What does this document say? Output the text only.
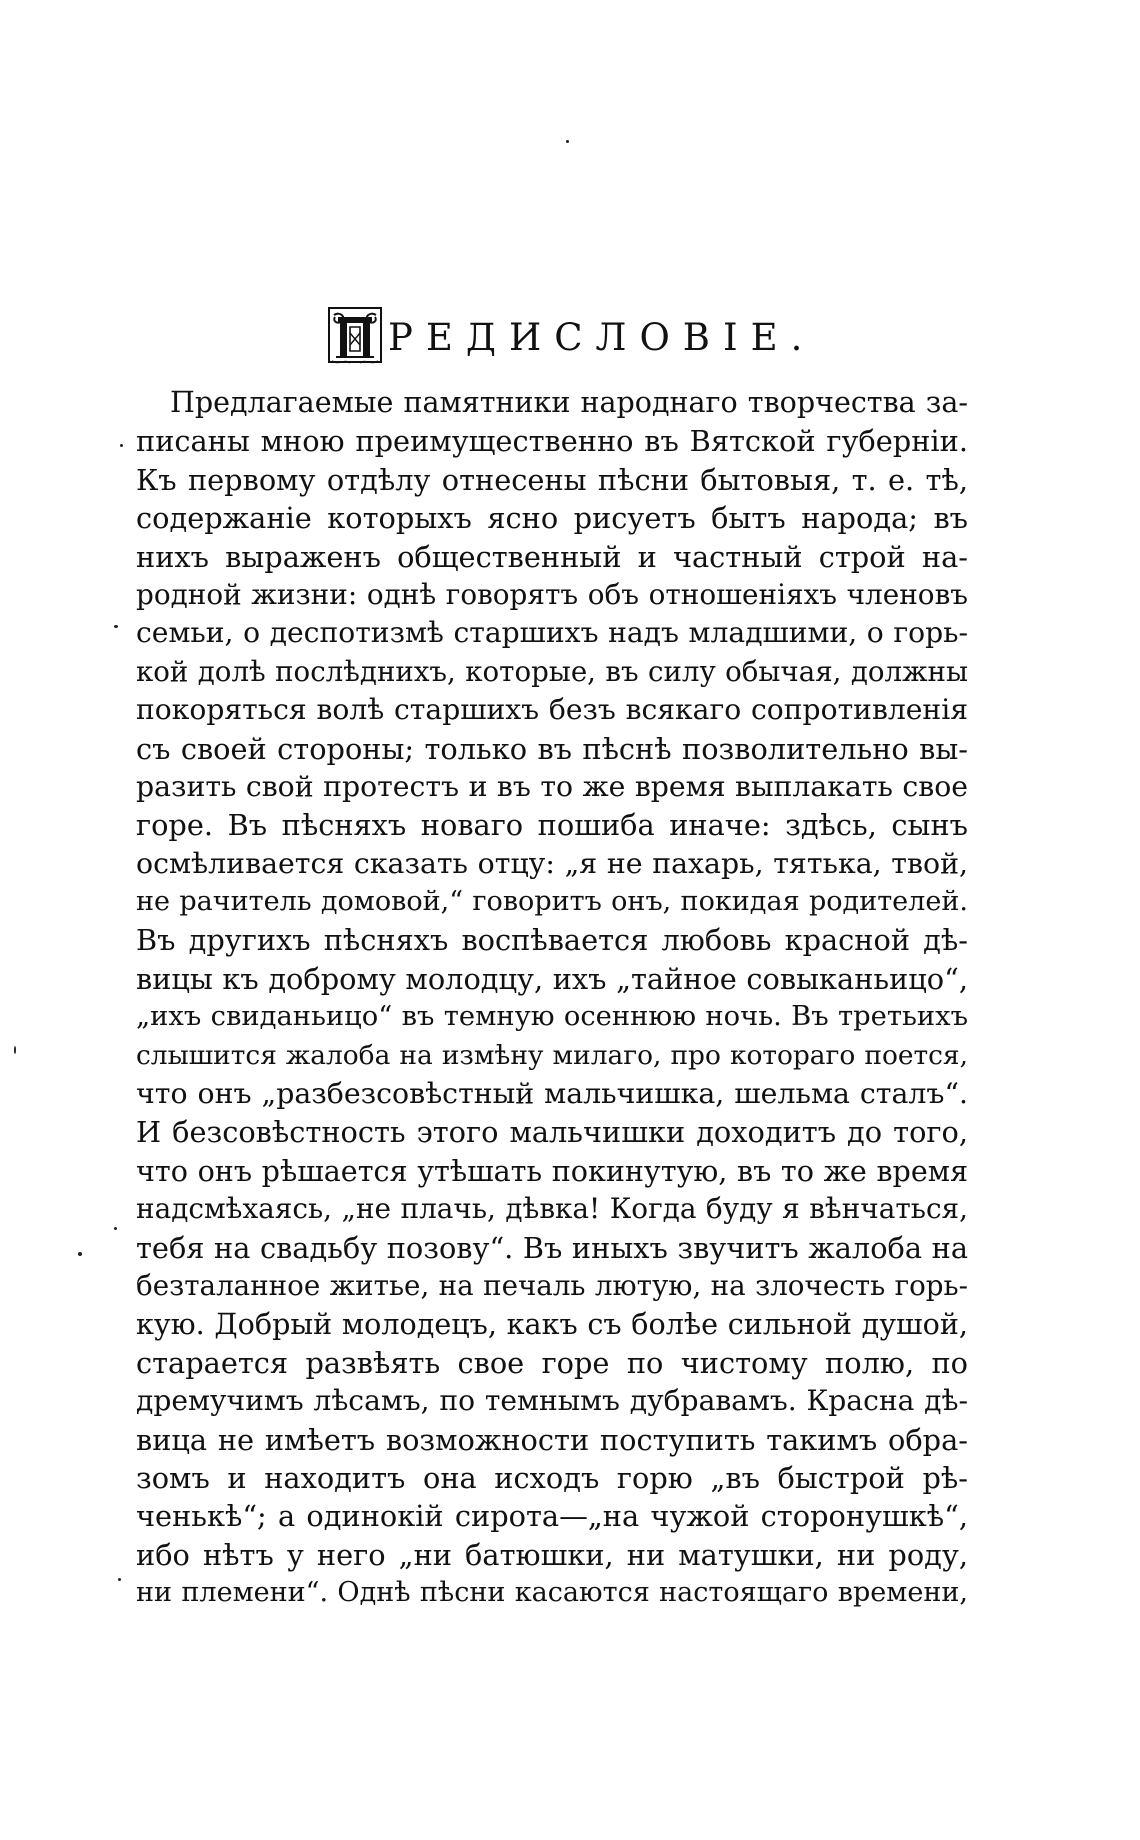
РЕДИСЛОВІЕ.
Предлагаемые памятники народнаго творчества за-
писаны мною преимущественно въ Вятской губерніи.
Къ первому отдѣлу отнесены пѣсни бытовыя, т. е. тѣ,
содержаніе которыхъ ясно рисуетъ бытъ народа; въ
нихъ выраженъ общественный и частный строй на-
родной жизни: однѣ говорятъ объ отношеніяхъ членовъ
семьи, о деспотизмѣ старшихъ надъ младшими, о горь-
кой долѣ послѣднихъ, которые, въ силу обычая, должны
покоряться волѣ старшихъ безъ всякаго сопротивленія
съ своей стороны; только въ пѣснѣ позволительно вы-
разить свой протестъ и въ то же время выплакать свое
горе. Въ пѣсняхъ новаго пошиба иначе: здѣсь, сынъ
осмѣливается сказать отцу: „я не пахарь, тятька, твой,
не рачитель домовой,“ говоритъ онъ, покидая родителей.
Въ другихъ пѣсняхъ воспѣвается любовь красной дѣ-
вицы къ доброму молодцу, ихъ „тайное совыканьицо“,
„ихъ свиданьицо“ въ темную осеннюю ночь. Въ третьихъ
слышится жалоба на измѣну милаго, про котораго поется,
что онъ „разбезсовѣстный мальчишка, шельма сталъ“.
И безсовѣстность этого мальчишки доходитъ до того,
что онъ рѣшается утѣшать покинутую, въ то же время
надсмѣхаясь, „не плачь, дѣвка! Когда буду я вѣнчаться,
тебя на свадьбу позову“. Въ иныхъ звучитъ жалоба на
безталанное житье, на печаль лютую, на злочесть горь-
кую. Добрый молодецъ, какъ съ болѣе сильной душой,
старается развѣять свое горе по чистому полю, по
дремучимъ лѣсамъ, по темнымъ дубравамъ. Красна дѣ-
вица не имѣетъ возможности поступить такимъ обра-
зомъ и находитъ она исходъ горю „въ быстрой рѣ-
ченькѣ“; а одинокій сирота—„на чужой сторонушкѣ“,
ибо нѣтъ у него „ни батюшки, ни матушки, ни роду,
ни племени“. Однѣ пѣсни касаются настоящаго времени,
